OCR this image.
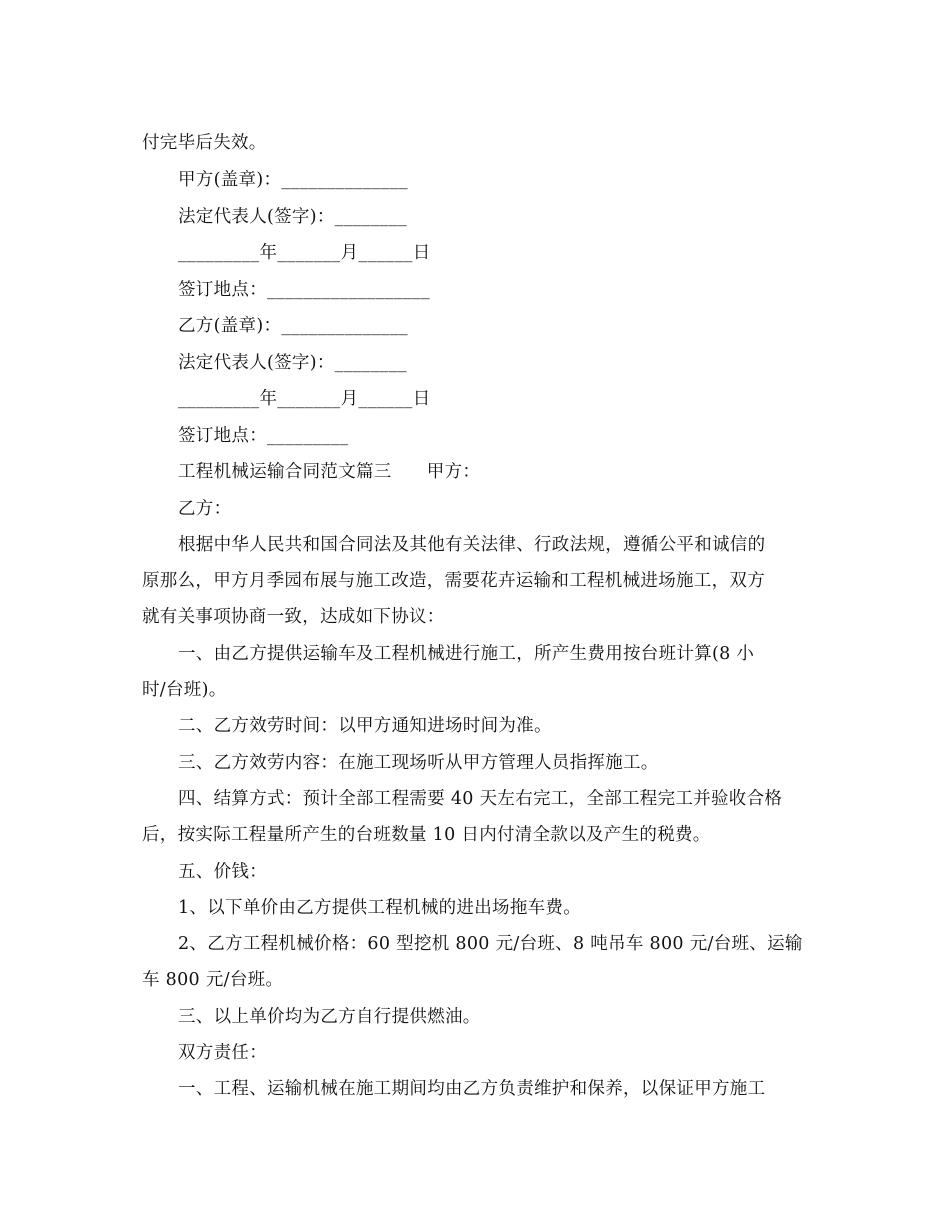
付完毕后失效。
甲方(盖章)：______________
法定代表人(签字)：________
_________年_______月______日
签订地点：__________________
乙方(盖章)：______________
法定代表人(签字)：________
_________年_______月______日
签订地点：_________
工程机械运输合同范文篇三      甲方：
乙方：
根据中华人民共和国合同法及其他有关法律、行政法规，遵循公平和诚信的
原那么，甲方月季园布展与施工改造，需要花卉运输和工程机械进场施工，双方
就有关事项协商一致，达成如下协议：
一、由乙方提供运输车及工程机械进行施工，所产生费用按台班计算(8 小
时/台班)。
二、乙方效劳时间：以甲方通知进场时间为准。
三、乙方效劳内容：在施工现场听从甲方管理人员指挥施工。
四、结算方式：预计全部工程需要 40 天左右完工，全部工程完工并验收合格
后，按实际工程量所产生的台班数量 10 日内付清全款以及产生的税费。
五、价钱：
1、以下单价由乙方提供工程机械的进出场拖车费。
2、乙方工程机械价格：60 型挖机 800 元/台班、8 吨吊车 800 元/台班、运输
车 800 元/台班。
三、以上单价均为乙方自行提供燃油。
双方责任：
一、工程、运输机械在施工期间均由乙方负责维护和保养，以保证甲方施工
